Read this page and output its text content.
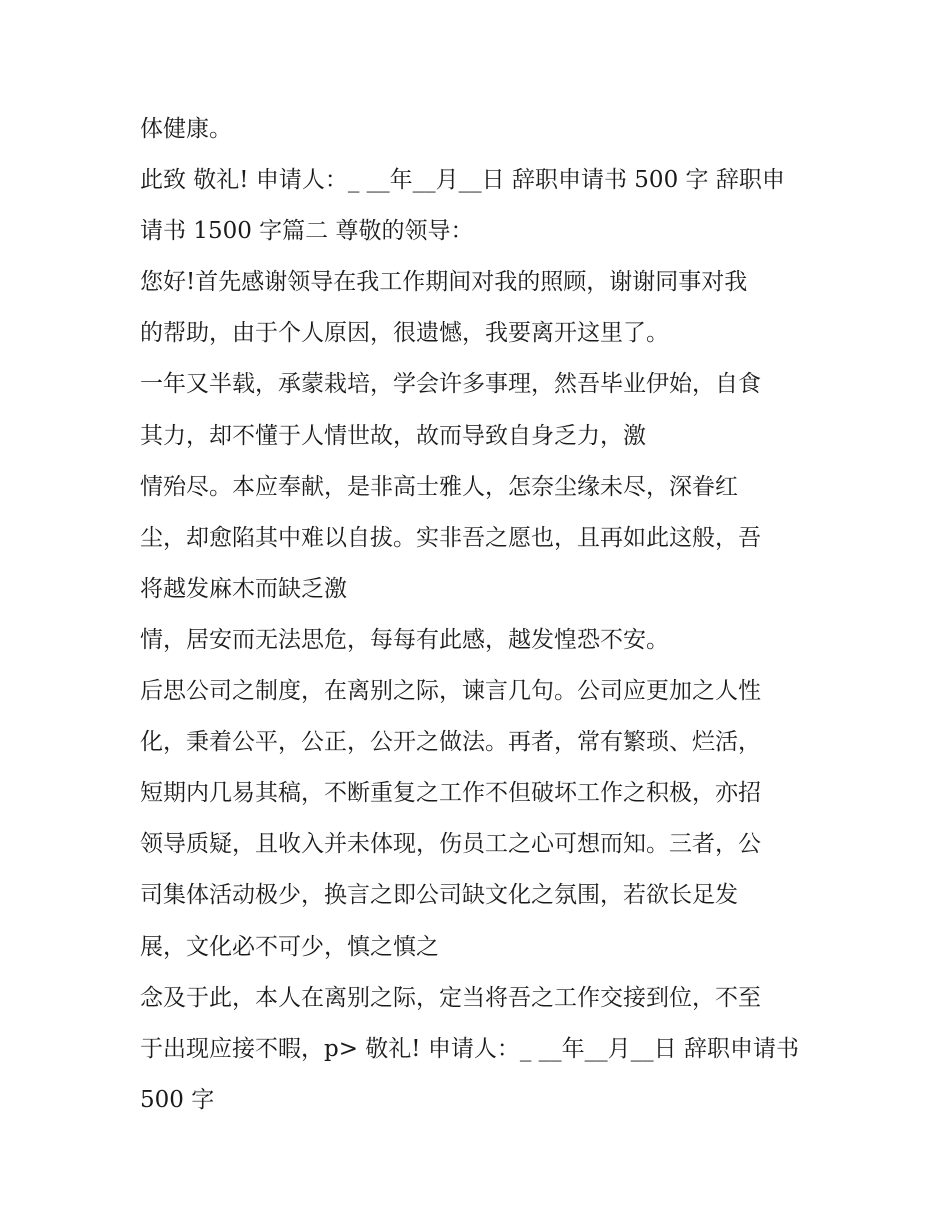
体健康。
此致 敬礼! 申请人：_ __年__月__日 辞职申请书 500 字 辞职申
请书 1500 字篇二 尊敬的领导：
您好!首先感谢领导在我工作期间对我的照顾，谢谢同事对我
的帮助，由于个人原因，很遗憾，我要离开这里了。
一年又半载，承蒙栽培，学会许多事理，然吾毕业伊始，自食
其力，却不懂于人情世故，故而导致自身乏力，激
情殆尽。本应奉献，是非高士雅人，怎奈尘缘未尽，深眷红
尘，却愈陷其中难以自拔。实非吾之愿也，且再如此这般，吾
将越发麻木而缺乏激
情，居安而无法思危，每每有此感，越发惶恐不安。
后思公司之制度，在离别之际，谏言几句。公司应更加之人性
化，秉着公平，公正，公开之做法。再者，常有繁琐、烂活，
短期内几易其稿，不断重复之工作不但破坏工作之积极，亦招
领导质疑，且收入并未体现，伤员工之心可想而知。三者，公
司集体活动极少，换言之即公司缺文化之氛围，若欲长足发
展，文化必不可少，慎之慎之
念及于此，本人在离别之际，定当将吾之工作交接到位，不至
于出现应接不暇，p> 敬礼! 申请人：_ __年__月__日 辞职申请书
500 字
